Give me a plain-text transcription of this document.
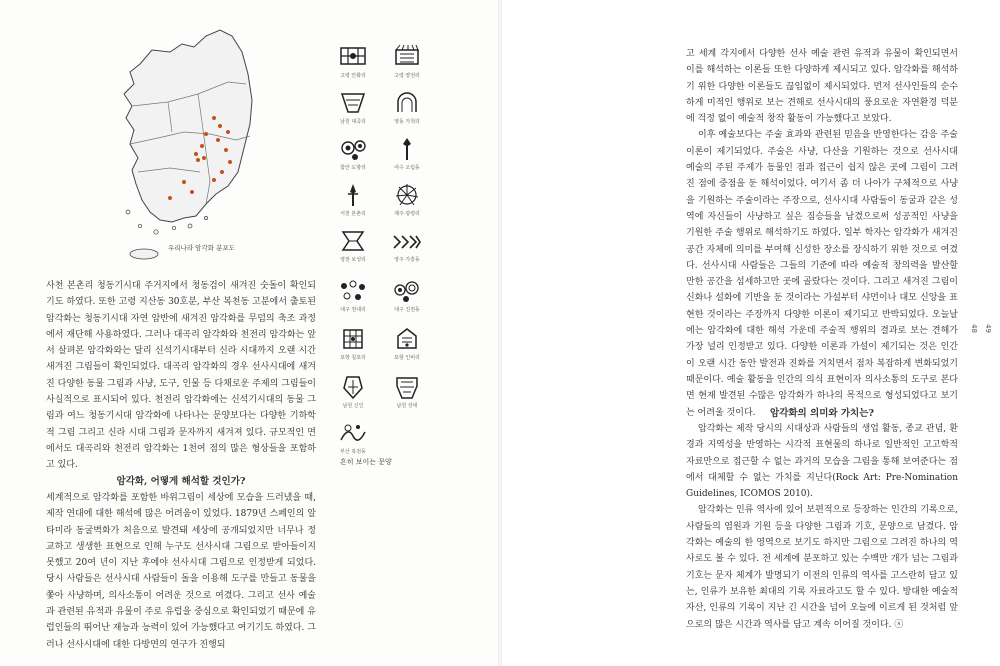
우리나라 암각화 분포도
고령 안화리	고령 양전리
남원 대곡리	영동 가척리
함안 도항리	여수 오림동
서천 본촌리	제주 광령리
영천 보성리	영주 가흥동
대구 천내리	대구 진천동
포항 칠포리	포항 인비리
남원 신인	남원 상대
부산 복천동
흔히 보이는 문양

사천 본촌리 청동기시대 주거지에서 청동검이 새겨진 숫돌이 확인되기도 하였다. 또한 고령 지산동 30호분, 부산 복천동 고분에서 출토된 암각화는 청동기시대 자연 암반에 새겨진 암각화를 무덤의 축조 과정에서 재단해 사용하였다. 그러나 대곡리 암각화와 천전리 암각화는 앞서 살펴본 암각화와는 달리 신석기시대부터 신라 시대까지 오랜 시간 새겨진 그림들이 확인되었다. 대곡리 암각화의 경우 선사시대에 새겨진 다양한 동물 그림과 사냥, 도구, 인물 등 다채로운 주제의 그림들이 사실적으로 표시되어 있다. 천전리 암각화에는 신석기시대의 동물 그림과 여느 청동기시대 암각화에 나타나는 문양보다는 다양한 기하학적 그림 그리고 신라 시대 그림과 문자까지 새겨져 있다. 규모적인 면에서도 대곡리와 천전리 암각화는 1천여 점의 많은 형상들을 포함하고 있다.

암각화, 어떻게 해석할 것인가?

세계적으로 암각화를 포함한 바위그림이 세상에 모습을 드러냈을 때, 제작 연대에 대한 해석에 많은 어려움이 있었다. 1879년 스페인의 알타미라 동굴벽화가 처음으로 발견돼 세상에 공개되었지만 너무나 정교하고 생생한 표현으로 인해 누구도 선사시대 그림으로 받아들이지 못했고 20여 년이 지난 후에야 선사시대 그림으로 인정받게 되었다. 당시 사람들은 선사시대 사람들이 돌을 이용해 도구를 만들고 동물을 쫓아 사냥하며, 의사소통이 어려운 것으로 여겼다. 그리고 선사 예술과 관련된 유적과 유물이 주로 유럽을 중심으로 확인되었기 때문에 유럽인들의 뛰어난 재능과 능력이 있어 가능했다고 여기기도 하였다. 그러나 선사시대에 대한 다방면의 연구가 진행되

48 49

고 세계 각지에서 다양한 선사 예술 관련 유적과 유물이 확인되면서 이를 해석하는 이론들 또한 다양하게 제시되고 있다. 암각화를 해석하기 위한 다양한 이론들도 끊임없이 제시되었다. 먼저 선사인들의 순수하게 미적인 행위로 보는 견해로 선사시대의 풍요로운 자연환경 덕분에 걱정 없이 예술적 창작 활동이 가능했다고 보았다.

이후 예술보다는 주술 효과와 관련된 믿음을 반영한다는 감응 주술이론이 제기되었다. 주술은 사냥, 다산을 기원하는 것으로 선사시대 예술의 주된 주제가 동물인 점과 접근이 쉽지 않은 곳에 그림이 그려진 점에 중점을 둔 해석이었다. 여기서 좀 더 나아가 구체적으로 사냥을 기원하는 주술이라는 주장으로, 선사시대 사람들이 동굴과 같은 성역에 자신들이 사냥하고 싶은 짐승들을 남겼으로써 성공적인 사냥을 기원한 주술 행위로 해석하기도 하였다. 일부 학자는 암각화가 새겨진 공간 자체에 의미를 부여해 신성한 장소를 장식하기 위한 것으로 여겼다. 선사시대 사람들은 그들의 기준에 따라 예술적 창의력을 발산할 만한 공간을 섬세하고만 곳에 골랐다는 것이다. 그리고 새겨진 그림이 신화나 설화에 기반을 둔 것이라는 가설부터 샤먼이나 대모 신앙을 표현한 것이라는 주장까지 다양한 이론이 제기되고 반박되었다. 오늘날에는 암각화에 대한 해석 가운데 주술적 행위의 결과로 보는 견해가 가장 널리 인정받고 있다. 다양한 이론과 가설이 제기되는 것은 인간이 오랜 시간 동안 발전과 진화를 거치면서 점차 복잡하게 변화되었기 때문이다. 예술 활동을 인간의 의식 표현이자 의사소통의 도구로 본다면 현재 발견된 수많은 암각화가 하나의 목적으로 형성되었다고 보기는 어려울 것이다.	암각화의 의미와 가치는?

암각화는 제작 당시의 시대상과 사람들의 생업 활동, 종교 관념, 환경과 지역성을 반영하는 시각적 표현물의 하나로 일반적인 고고학적 자료만으로 접근할 수 없는 과거의 모습을 그림을 통해 보여준다는 점에서 대체할 수 없는 가치를 지닌다(Rock Art: Pre-Nomination Guidelines, ICOMOS 2010).

암각화는 인류 역사에 있어 보편적으로 등장하는 인간의 기록으로, 사람들의 염원과 기원 등을 다양한 그림과 기호, 문양으로 남겼다. 암각화는 예술의 한 영역으로 보기도 하지만 그림으로 그려진 하나의 역사로도 볼 수 있다. 전 세계에 분포하고 있는 수백만 개가 넘는 그림과 기호는 문자 체계가 발명되기 이전의 인류의 역사를 고스란히 담고 있는, 인류가 보유한 최대의 기록 자료라고도 할 수 있다. 방대한 예술적 자산, 인류의 기록이 지난 긴 시간을 넘어 오늘에 이르게 된 것처럼 앞으로의 많은 시간과 역사를 담고 계속 이어질 것이다. ⓢ
